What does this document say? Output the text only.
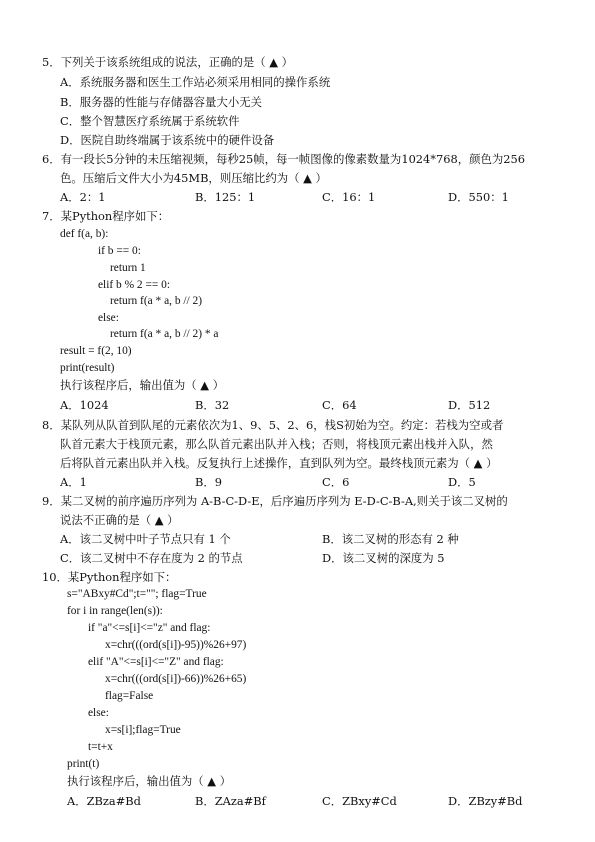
5．下列关于该系统组成的说法，正确的是（ ▲ ）
A．系统服务器和医生工作站必须采用相同的操作系统
B．服务器的性能与存储器容量大小无关
C．整个智慧医疗系统属于系统软件
D．医院自助终端属于该系统中的硬件设备
6．有一段长5分钟的未压缩视频，每秒25帧，每一帧图像的像素数量为1024*768，颜色为256
色。压缩后文件大小为45MB，则压缩比约为（ ▲ ）
A．2：1	B．125：1	C．16：1	D．550：1
7．某Python程序如下：
def f(a, b):
if b == 0:
return 1
elif b % 2 == 0:
return f(a * a, b // 2)
else:
return f(a * a, b // 2) * a
result = f(2, 10)
print(result)
执行该程序后，输出值为（ ▲ ）
A．1024	B．32	C．64	D．512
8．某队列从队首到队尾的元素依次为1、9、5、2、6，栈S初始为空。约定：若栈为空或者
队首元素大于栈顶元素，那么队首元素出队并入栈；否则，将栈顶元素出栈并入队，然
后将队首元素出队并入栈。反复执行上述操作，直到队列为空。最终栈顶元素为（ ▲ ）
A．1	B．9	C．6	D．5
9．某二叉树的前序遍历序列为 A-B-C-D-E，后序遍历序列为 E-D-C-B-A,则关于该二叉树的
说法不正确的是（ ▲ ）
A．该二叉树中叶子节点只有 1 个	B．该二叉树的形态有 2 种
C．该二叉树中不存在度为 2 的节点	D．该二叉树的深度为 5
10．某Python程序如下：
s="ABxy#Cd";t=""; flag=True
for i in range(len(s)):
if "a"<=s[i]<="z" and flag:
x=chr(((ord(s[i])-95))%26+97)
elif "A"<=s[i]<="Z" and flag:
x=chr(((ord(s[i])-66))%26+65)
flag=False
else:
x=s[i];flag=True
t=t+x
print(t)
执行该程序后，输出值为（ ▲ ）
A．ZBza#Bd	B．ZAza#Bf	C．ZBxy#Cd	D．ZBzy#Bd
